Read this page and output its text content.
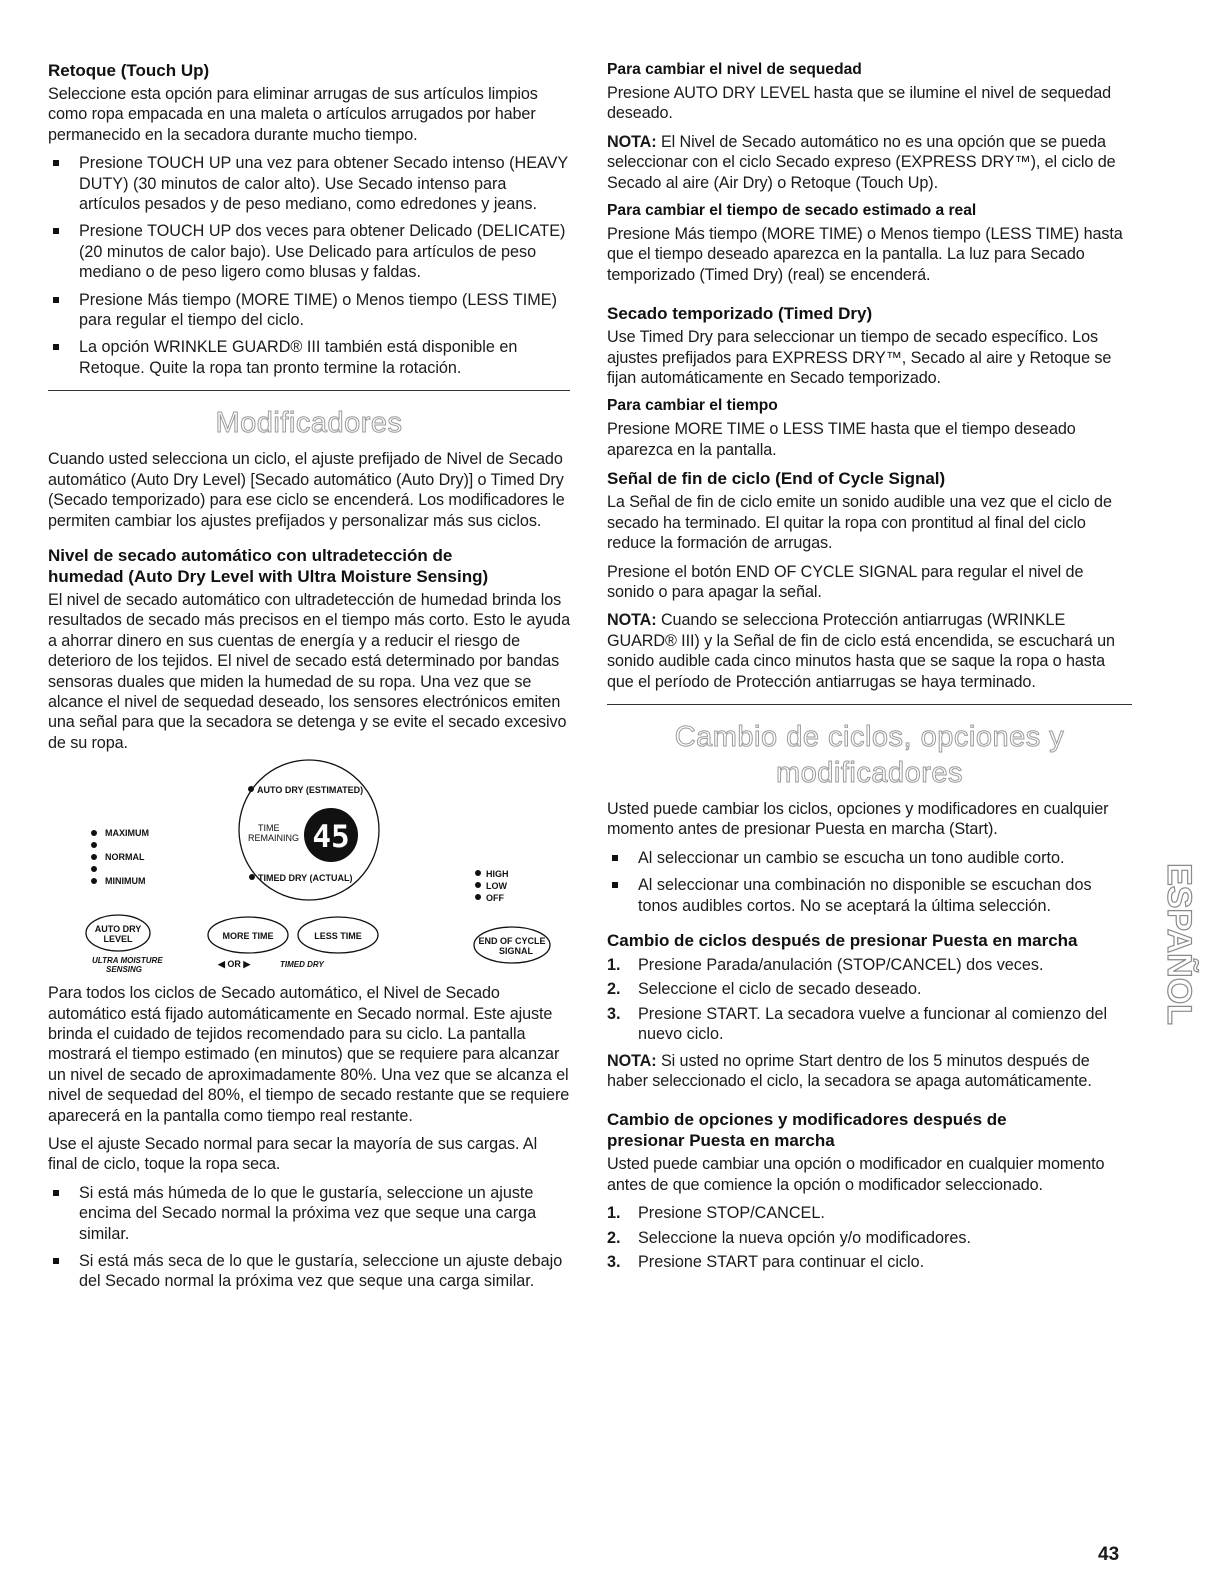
Retoque (Touch Up)

Seleccione esta opción para eliminar arrugas de sus artículos limpios como ropa empacada en una maleta o artículos arrugados por haber permanecido en la secadora durante mucho tiempo.

Presione TOUCH UP una vez para obtener Secado intenso (HEAVY DUTY) (30 minutos de calor alto). Use Secado intenso para artículos pesados y de peso mediano, como edredones y jeans.
Presione TOUCH UP dos veces para obtener Delicado (DELICATE) (20 minutos de calor bajo). Use Delicado para artículos de peso mediano o de peso ligero como blusas y faldas.
Presione Más tiempo (MORE TIME) o Menos tiempo (LESS TIME) para regular el tiempo del ciclo.
La opción WRINKLE GUARD® III también está disponible en Retoque. Quite la ropa tan pronto termine la rotación.
Modificadores

Cuando usted selecciona un ciclo, el ajuste prefijado de Nivel de Secado automático (Auto Dry Level) [Secado automático (Auto Dry)] o Timed Dry (Secado temporizado) para ese ciclo se encenderá. Los modificadores le permiten cambiar los ajustes prefijados y personalizar más sus ciclos.

Nivel de secado automático con ultradetección de
humedad (Auto Dry Level with Ultra Moisture Sensing)

El nivel de secado automático con ultradetección de humedad brinda los resultados de secado más precisos en el tiempo más corto. Esto le ayuda a ahorrar dinero en sus cuentas de energía y a reducir el riesgo de deterioro de los tejidos. El nivel de secado está determinado por bandas sensoras duales que miden la humedad de su ropa. Una vez que se alcance el nivel de sequedad deseado, los sensores electrónicos emiten una señal para que la secadora se detenga y se evite el secado excesivo de su ropa.

AUTO DRY (ESTIMATED)
TIME
REMAINING 45
TIMED DRY (ACTUAL)
MAXIMUM
NORMAL
MINIMUM
HIGH
LOW
OFF
AUTO DRY
LEVEL
ULTRA MOISTURE
SENSING
MORE TIME	LESS TIME
◀ OR ▶	TIMED DRY
END OF CYCLE
SIGNAL

Para todos los ciclos de Secado automático, el Nivel de Secado automático está fijado automáticamente en Secado normal. Este ajuste brinda el cuidado de tejidos recomendado para su ciclo. La pantalla mostrará el tiempo estimado (en minutos) que se requiere para alcanzar un nivel de secado de aproximadamente 80%. Una vez que se alcanza el nivel de sequedad del 80%, el tiempo de secado restante que se requiere aparecerá en la pantalla como tiempo real restante.

Use el ajuste Secado normal para secar la mayoría de sus cargas. Al final de ciclo, toque la ropa seca.

Si está más húmeda de lo que le gustaría, seleccione un ajuste encima del Secado normal la próxima vez que seque una carga similar.
Si está más seca de lo que le gustaría, seleccione un ajuste debajo del Secado normal la próxima vez que seque una carga similar.
Para cambiar el nivel de sequedad

Presione AUTO DRY LEVEL hasta que se ilumine el nivel de sequedad deseado.

NOTA: El Nivel de Secado automático no es una opción que se pueda seleccionar con el ciclo Secado expreso (EXPRESS DRY™), el ciclo de Secado al aire (Air Dry) o Retoque (Touch Up).

Para cambiar el tiempo de secado estimado a real

Presione Más tiempo (MORE TIME) o Menos tiempo (LESS TIME) hasta que el tiempo deseado aparezca en la pantalla. La luz para Secado temporizado (Timed Dry) (real) se encenderá.

Secado temporizado (Timed Dry)

Use Timed Dry para seleccionar un tiempo de secado específico. Los ajustes prefijados para EXPRESS DRY™, Secado al aire y Retoque se fijan automáticamente en Secado temporizado.

Para cambiar el tiempo

Presione MORE TIME o LESS TIME hasta que el tiempo deseado aparezca en la pantalla.

Señal de fin de ciclo (End of Cycle Signal)

La Señal de fin de ciclo emite un sonido audible una vez que el ciclo de secado ha terminado. El quitar la ropa con prontitud al final del ciclo reduce la formación de arrugas.

Presione el botón END OF CYCLE SIGNAL para regular el nivel de sonido o para apagar la señal.

NOTA: Cuando se selecciona Protección antiarrugas (WRINKLE GUARD® III) y la Señal de fin de ciclo está encendida, se escuchará un sonido audible cada cinco minutos hasta que se saque la ropa o hasta que el período de Protección antiarrugas se haya terminado.

Cambio de ciclos, opciones y
modificadores

Usted puede cambiar los ciclos, opciones y modificadores en cualquier momento antes de presionar Puesta en marcha (Start).

Al seleccionar un cambio se escucha un tono audible corto.
Al seleccionar una combinación no disponible se escuchan dos tonos audibles cortos. No se aceptará la última selección.
Cambio de ciclos después de presionar Puesta en marcha
1. Presione Parada/anulación (STOP/CANCEL) dos veces.
2. Seleccione el ciclo de secado deseado.
3. Presione START. La secadora vuelve a funcionar al comienzo del nuevo ciclo.

NOTA: Si usted no oprime Start dentro de los 5 minutos después de haber seleccionado el ciclo, la secadora se apaga automáticamente.

Cambio de opciones y modificadores después de
presionar Puesta en marcha

Usted puede cambiar una opción o modificador en cualquier momento antes de que comience la opción o modificador seleccionado.

1. Presione STOP/CANCEL.
2. Seleccione la nueva opción y/o modificadores.
3. Presione START para continuar el ciclo.
ESPAÑOL
43
